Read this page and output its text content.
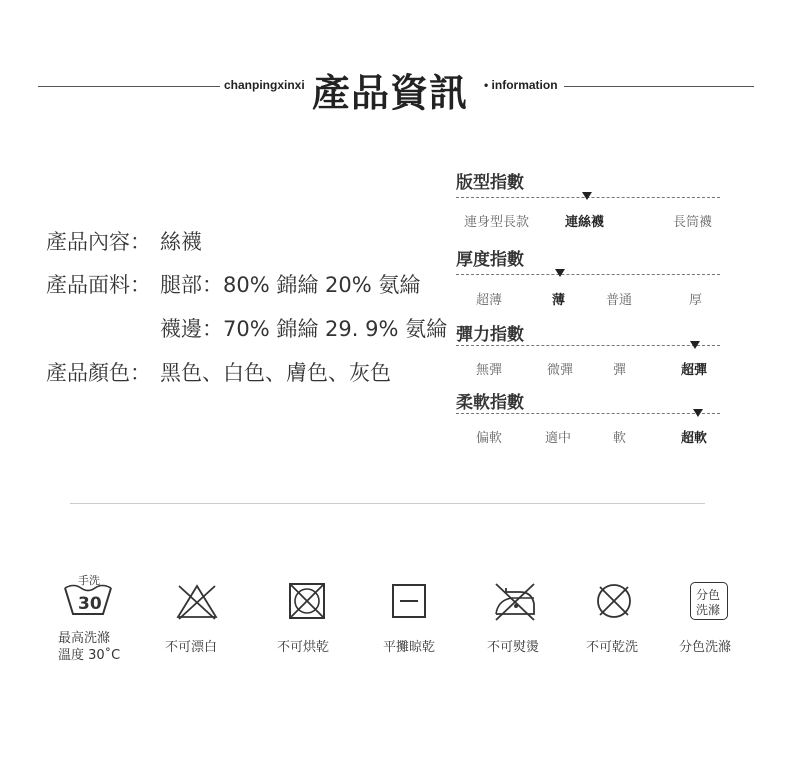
chanpingxinxi 產品資訊 • information
產品內容： 絲襪
產品面料： 腿部：80% 錦綸 20% 氨綸
襪邊：70% 錦綸 29. 9% 氨綸
產品顏色： 黑色、白色、膚色、灰色
版型指數
連身型長款	連絲襪	長筒襪
厚度指數
超薄	薄	普通	厚
彈力指數
無彈	微彈	彈	超彈
柔軟指數
偏軟	適中	軟	超軟
手洗
30
最高洗滌
溫度 30˚C
不可漂白	不可烘乾	平攤晾乾	不可熨燙	不可乾洗
分色
洗滌
分色洗滌
